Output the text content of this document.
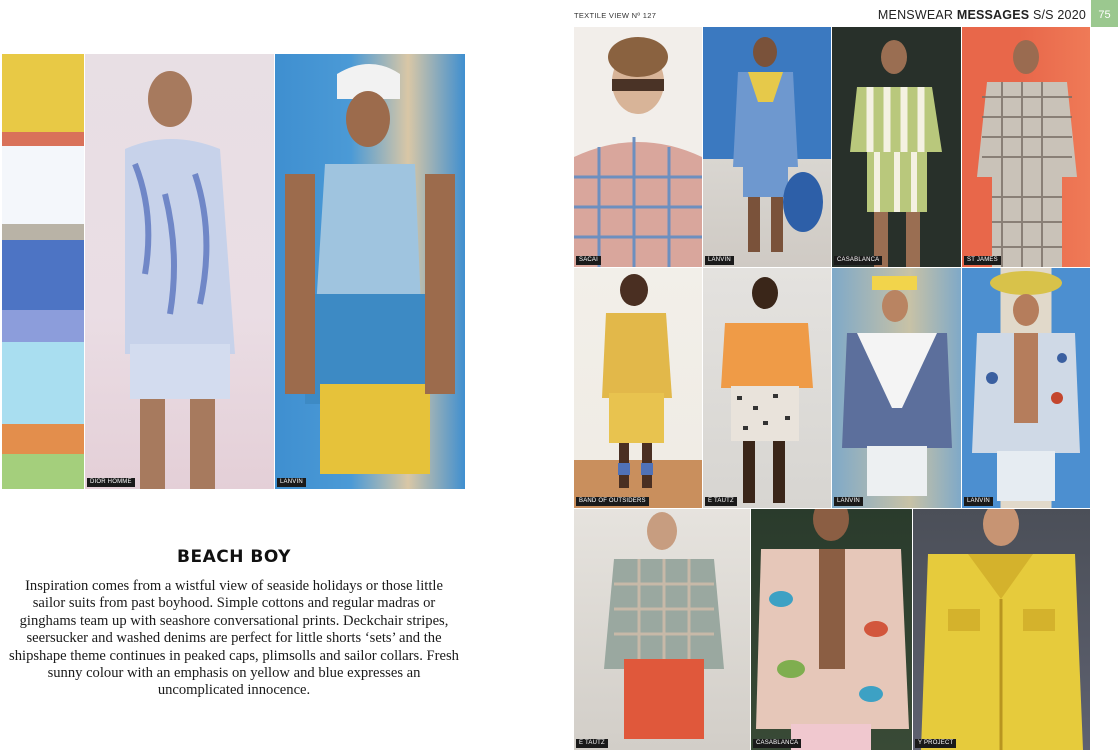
TEXTILE VIEW Nº 127	MENSWEAR MESSAGES S/S 2020	75
DIOR HOMME	LANVIN
BEACH BOY
Inspiration comes from a wistful view of seaside holidays or those little sailor suits from past boyhood. Simple cottons and regular madras or ginghams team up with seashore conversational prints. Deckchair stripes, seersucker and washed denims are perfect for little shorts ‘sets’ and the shipshape theme continues in peaked caps, plimsolls and sailor collars. Fresh sunny colour with an emphasis on yellow and blue expresses an uncomplicated innocence.
SACAI	LANVIN	CASABLANCA	ST JAMES
BAND OF OUTSIDERS	E TAUTZ	LANVIN	LANVIN
E TAUTZ	CASABLANCA	Y PROJECT
